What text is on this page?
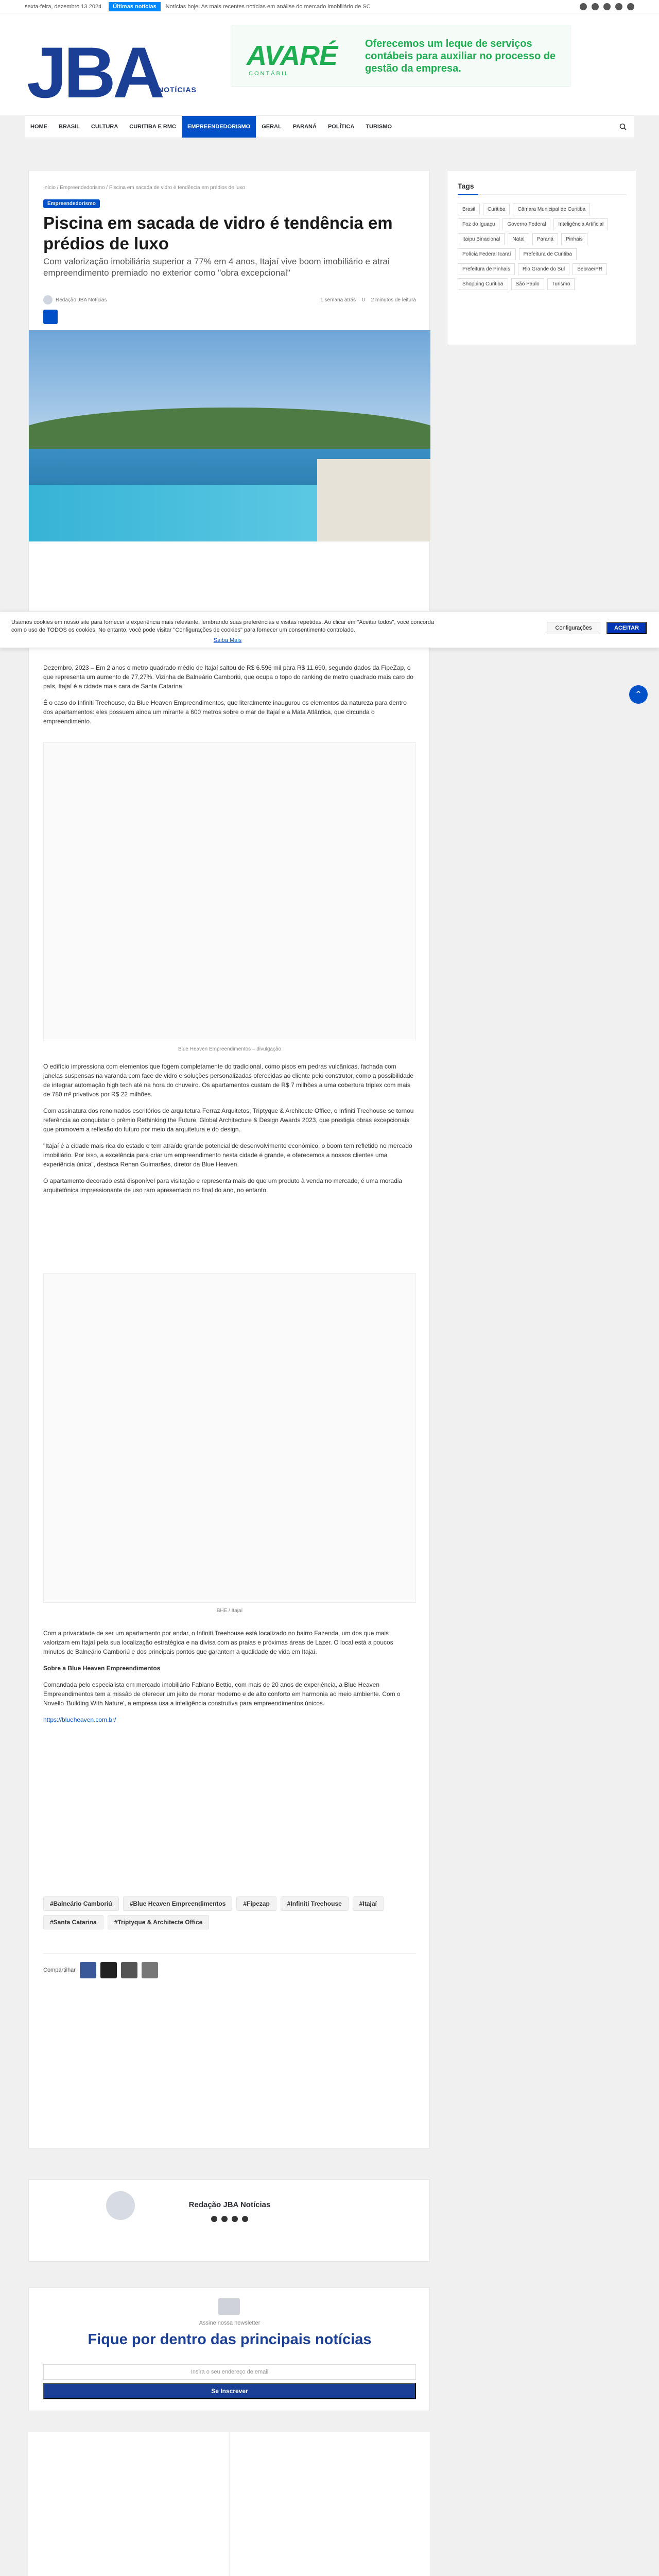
sexta-feira, dezembro 13 2024	Últimas notícias	Notícias hoje: As mais recentes notícias em análise do mercado imobiliário de SC
JBA
NOTÍCIAS
AVARÉ
CONTÁBIL
Oferecemos um leque de serviços contábeis para auxiliar no processo de gestão da empresa.
HOME	BRASIL	CULTURA	CURITIBA E RMC	EMPREENDEDORISMO	GERAL	PARANÁ	POLÍTICA	TURISMO
Início / Empreendedorismo / Piscina em sacada de vidro é tendência em prédios de luxo
Empreendedorismo
Piscina em sacada de vidro é tendência em prédios de luxo
Com valorização imobiliária superior a 77% em 4 anos, Itajaí vive boom imobiliário e atrai empreendimento premiado no exterior como "obra excepcional"
Redação JBA Notícias	1 semana atrás 0 2 minutos de leitura

Dezembro, 2023 – Em 2 anos o metro quadrado médio de Itajaí saltou de R$ 6.596 mil para R$ 11.690, segundo dados da FipeZap, o que representa um aumento de 77,27%. Vizinha de Balneário Camboriú, que ocupa o topo do ranking de metro quadrado mais caro do país, Itajaí é a cidade mais cara de Santa Catarina.

É o caso do Infiniti Treehouse, da Blue Heaven Empreendimentos, que literalmente inaugurou os elementos da natureza para dentro dos apartamentos: eles possuem ainda um mirante a 600 metros sobre o mar de Itajaí e a Mata Atlântica, que circunda o empreendimento.

Blue Heaven Empreendimentos – divulgação

O edifício impressiona com elementos que fogem completamente do tradicional, como pisos em pedras vulcânicas, fachada com janelas suspensas na varanda com face de vidro e soluções personalizadas oferecidas ao cliente pelo construtor, como a possibilidade de integrar automação high tech até na hora do chuveiro. Os apartamentos custam de R$ 7 milhões a uma cobertura triplex com mais de 780 m² privativos por R$ 22 milhões.

Com assinatura dos renomados escritórios de arquitetura Ferraz Arquitetos, Triptyque & Architecte Office, o Infiniti Treehouse se tornou referência ao conquistar o prêmio Rethinking the Future, Global Architecture & Design Awards 2023, que prestigia obras excepcionais que promovem a reflexão do futuro por meio da arquitetura e do design.

"Itajaí é a cidade mais rica do estado e tem atraído grande potencial de desenvolvimento econômico, o boom tem refletido no mercado imobiliário. Por isso, a excelência para criar um empreendimento nesta cidade é grande, e oferecemos a nossos clientes uma experiência única", destaca Renan Guimarães, diretor da Blue Heaven.

O apartamento decorado está disponível para visitação e representa mais do que um produto à venda no mercado, é uma moradia arquitetônica impressionante de uso raro apresentado no final do ano, no entanto.

BHE / Itajaí

Com a privacidade de ser um apartamento por andar, o Infiniti Treehouse está localizado no bairro Fazenda, um dos que mais valorizam em Itajaí pela sua localização estratégica e na divisa com as praias e próximas áreas de Lazer. O local está a poucos minutos de Balneário Camboriú e dos principais pontos que garantem a qualidade de vida em Itajaí.

Sobre a Blue Heaven Empreendimentos

Comandada pelo especialista em mercado imobiliário Fabiano Bettio, com mais de 20 anos de experiência, a Blue Heaven Empreendimentos tem a missão de oferecer um jeito de morar moderno e de alto conforto em harmonia ao meio ambiente. Com o Novello 'Building With Nature', a empresa usa a inteligência construtiva para empreendimentos únicos.

https://blueheaven.com.br/

#Balneário Camboriú	#Blue Heaven Empreendimentos	#Fipezap	#Infiniti Treehouse	#Itajaí
#Santa Catarina	#Triptyque & Architecte Office
Compartilhar
Tags
Brasil	Curitiba	Câmara Municipal de Curitiba
Foz do Iguaçu	Governo Federal	Inteligência Artificial
Itaipu Binacional	Natal	Paraná	Pinhais
Polícia Federal Icaraí	Prefeitura de Curitiba
Prefeitura de Pinhais	Rio Grande do Sul	Sebrae/PR
Shopping Curitiba	São Paulo	Turismo
Usamos cookies em nosso site para fornecer a experiência mais relevante, lembrando suas preferências e visitas repetidas. Ao clicar em "Aceitar todos", você concorda com o uso de TODOS os cookies. No entanto, você pode visitar "Configurações de cookies" para fornecer um consentimento controlado.
Saiba Mais
Configurações	ACEITAR
⌃
Redação JBA Notícias
Assine nossa newsletter
Fique por dentro das principais notícias
Insira o seu endereço de email
Se Inscrever
